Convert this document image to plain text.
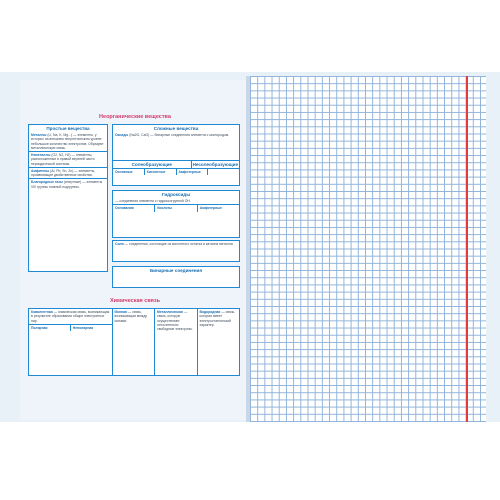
Неорганические вещества
Простые вещества
Металлы (Li, Na, K, Mg...) — элементы, у которых на внешнем энергетическом уровне небольшое количество электронов. Образуют металлическую связь.
Неметаллы (O2, N2, H2) — элементы, расположенные в правой верхней части периодической системы.
Амфигены (Al, Pb, Sn, Zn) — элементы, проявляющие двойственные свойства.
Благородные газы (инертные) — элементы VIII группы главной подгруппы.
Сложные вещества
Оксиды (Na2O, CaO) — бинарные соединения элемента с кислородом.
Солеобразующие	Несолеобразующие
Основные	Кислотные	Амфотерные
Гидроксиды
— соединения элемента с гидроксогруппой OH.
Основания	Кислоты	Амфотерные
Соли — соединения, состоящие из кислотного остатка и катиона металла.
Бинарные соединения
Химическая связь
Ковалентная — химическая связь, возникающая в результате образования общих электронных пар.
Полярная	Неполярная
Ионная — связь, возникающая между ионами.
Металлическая — связь, которую осуществляют относительно свободные электроны.
Водородная — связь, которая имеет электростатический характер.
